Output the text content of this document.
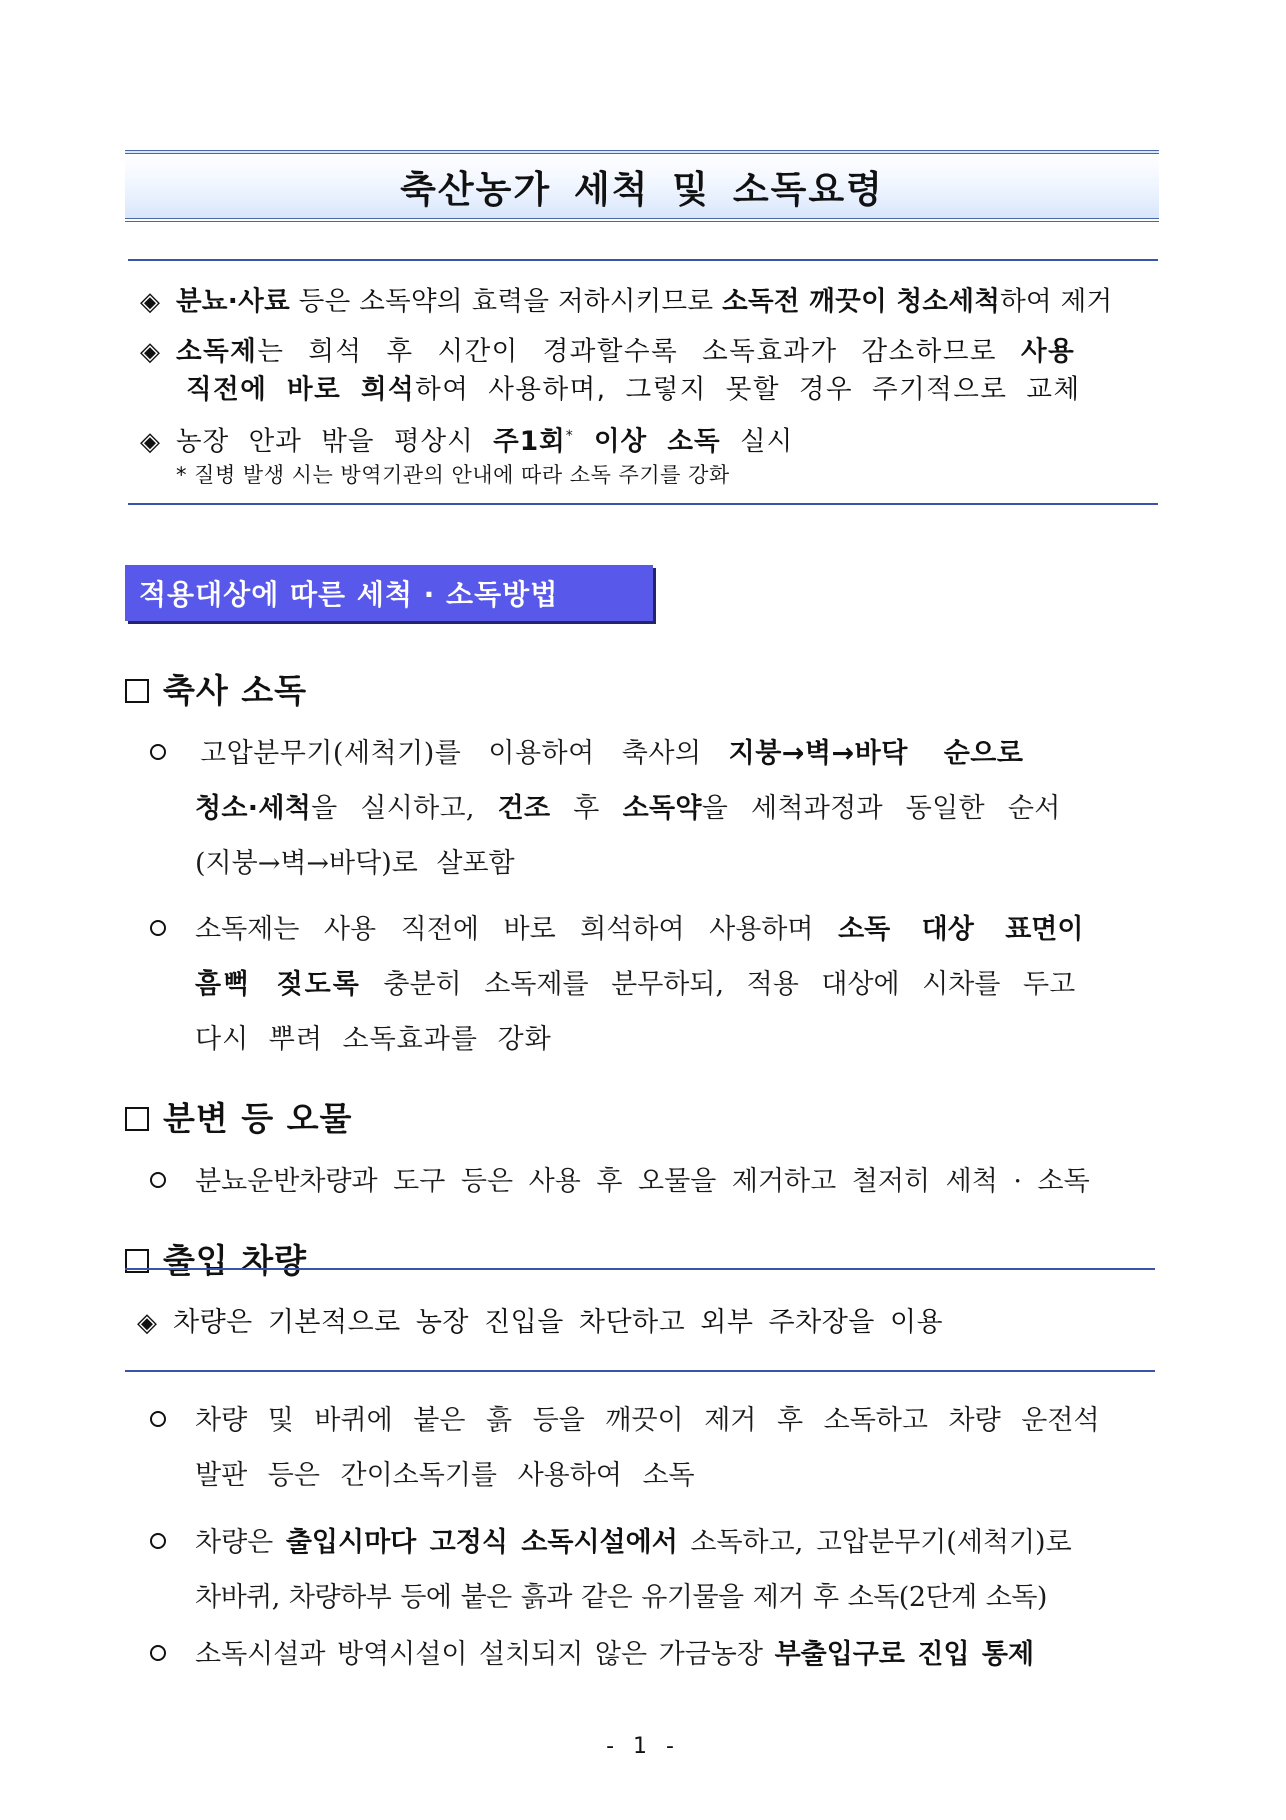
축산농가 세척 및 소독요령
◈ 분뇨·사료 등은 소독약의 효력을 저하시키므로 소독전 깨끗이 청소세척하여 제거
◈ 소독제는 희석 후 시간이 경과할수록 소독효과가 감소하므로 사용
직전에 바로 희석하여 사용하며, 그렇지 못할 경우 주기적으로 교체
◈ 농장 안과 밖을 평상시 주1회* 이상 소독 실시
* 질병 발생 시는 방역기관의 안내에 따라 소독 주기를 강화
적용대상에 따른 세척 · 소독방법
축사 소독
고압분무기(세척기)를 이용하여 축사의 지붕→벽→바닥 순으로
청소·세척을 실시하고, 건조 후 소독약을 세척과정과 동일한 순서
(지붕→벽→바닥)로 살포함
소독제는 사용 직전에 바로 희석하여 사용하며 소독 대상 표면이
흠뻑 젖도록 충분히 소독제를 분무하되, 적용 대상에 시차를 두고
다시 뿌려 소독효과를 강화
분변 등 오물
분뇨운반차량과 도구 등은 사용 후 오물을 제거하고 철저히 세척 · 소독
출입 차량
◈ 차량은 기본적으로 농장 진입을 차단하고 외부 주차장을 이용
차량 및 바퀴에 붙은 흙 등을 깨끗이 제거 후 소독하고 차량 운전석
발판 등은 간이소독기를 사용하여 소독
차량은 출입시마다 고정식 소독시설에서 소독하고, 고압분무기(세척기)로
차바퀴, 차량하부 등에 붙은 흙과 같은 유기물을 제거 후 소독(2단계 소독)
소독시설과 방역시설이 설치되지 않은 가금농장 부출입구로 진입 통제
- 1 -
